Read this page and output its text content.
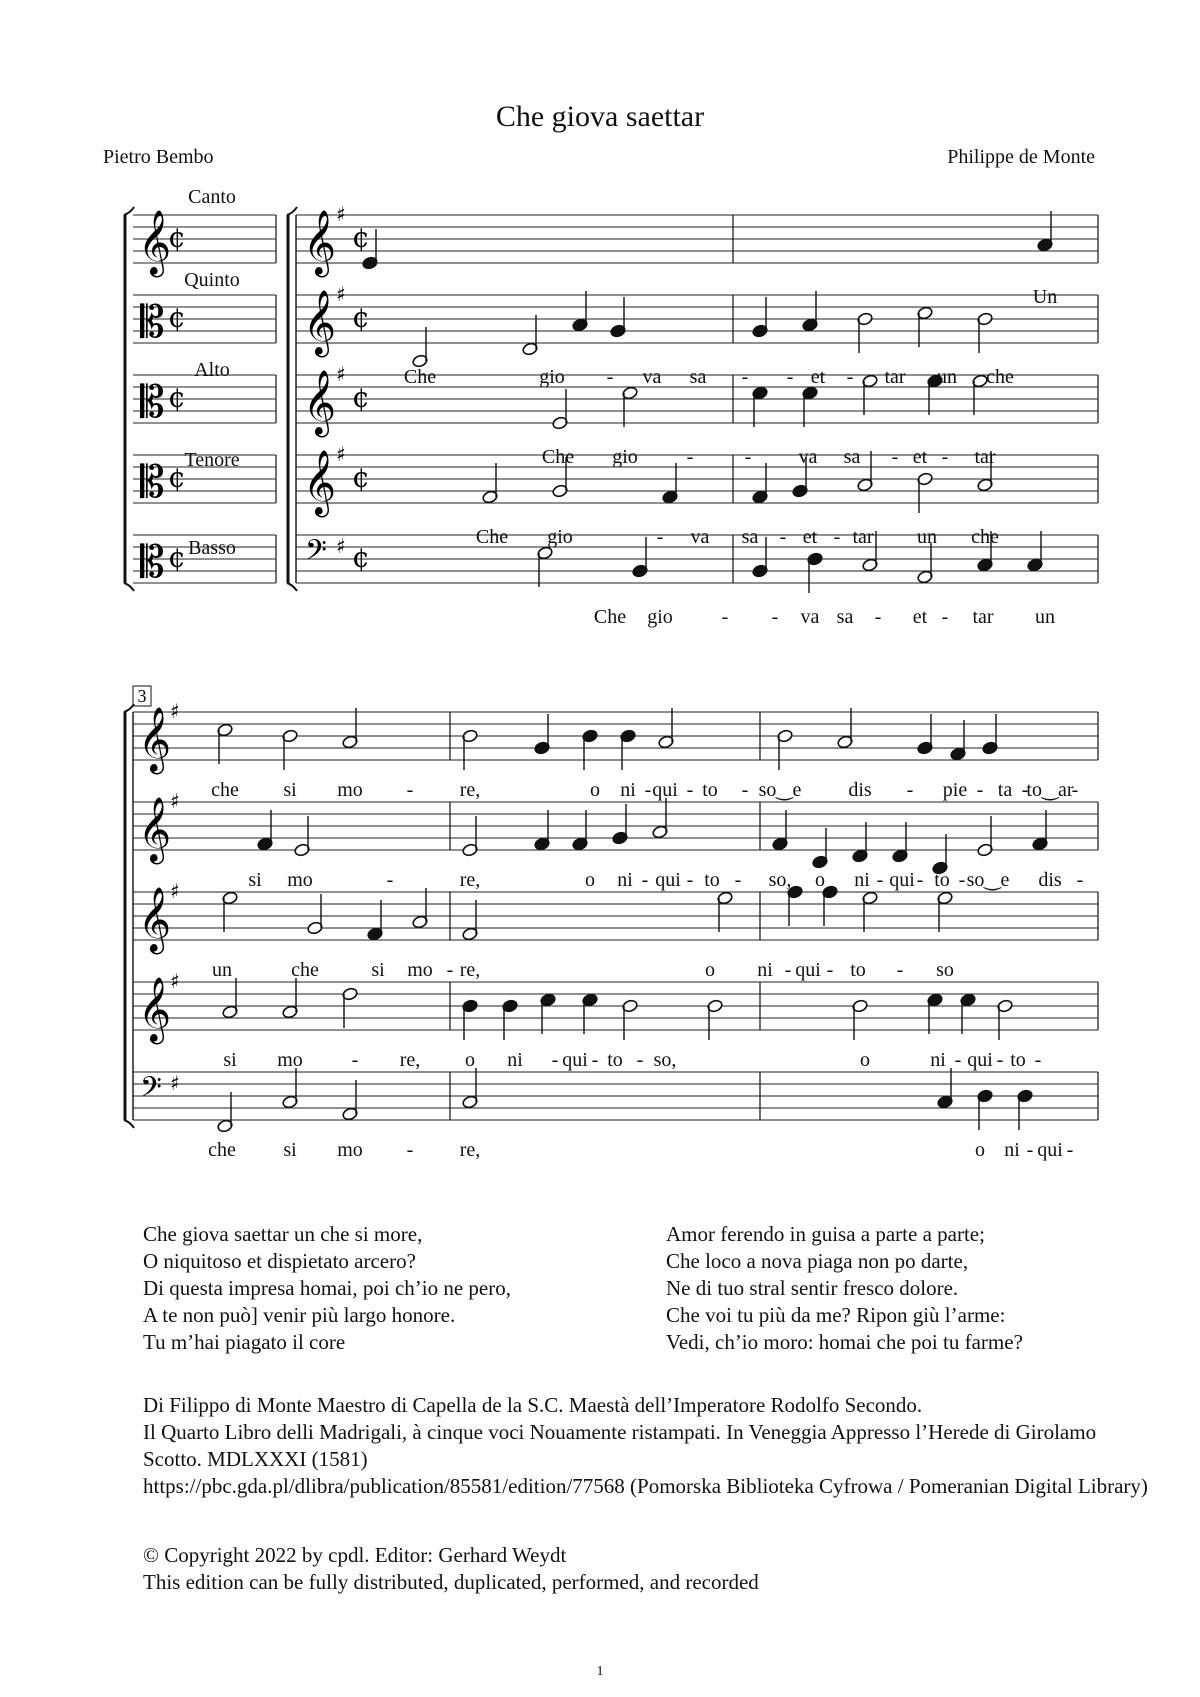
Che giova saettar
Pietro Bembo	Philippe de Monte
𝄞
¢ 𝄞 ♯
¢
𝄡 ¢ 𝄞 ♯
¢
𝄡 ¢ 𝄞 ♯
¢
𝄡 ¢ 𝄞 ♯
¢
𝄡 ¢	𝄢 ♯ ¢
Canto
Quinto
Alto
Tenore
Basso
Un
Che	gio - va sa - - et - tar un che
Che gio -	- va sa - et - tar
Che gio	- va sa - et - tar un che
Che gio - - va sa - et - tar un
3
𝄞
♯
𝄞
♯
𝄞
♯
𝄞
♯
𝄢 ♯
che si mo - re,	o ni - qui - to - so‿e dis - pie - ta -
to‿ar
-
si mo	-	re,	o ni - qui - to - so, o ni - qui - to - so‿e dis -
un	che	si mo - re,	o ni - qui - to - so
si mo - re, o ni - qui - to - so,	o	ni - qui - to -
che si mo - re,	o ni - qui -
Che giova saettar un che si more,
O niquitoso et dispietato arcero?
Di questa impresa homai, poi ch’io ne pero,
A te non può] venir più largo honore.
Tu m’hai piagato il core
Amor ferendo in guisa a parte a parte;
Che loco a nova piaga non po darte,
Ne di tuo stral sentir fresco dolore.
Che voi tu più da me? Ripon giù l’arme:
Vedi, ch’io moro: homai che poi tu farme?
Di Filippo di Monte Maestro di Capella de la S.C. Maestà dell’Imperatore Rodolfo Secondo.
Il Quarto Libro delli Madrigali, à cinque voci Nouamente ristampati. In Veneggia Appresso l’Herede di Girolamo Scotto. MDLXXXI (1581)
https://pbc.gda.pl/dlibra/publication/85581/edition/77568 (Pomorska Biblioteka Cyfrowa / Pomeranian Digital Library)
© Copyright 2022 by cpdl. Editor: Gerhard Weydt
This edition can be fully distributed, duplicated, performed, and recorded
1
